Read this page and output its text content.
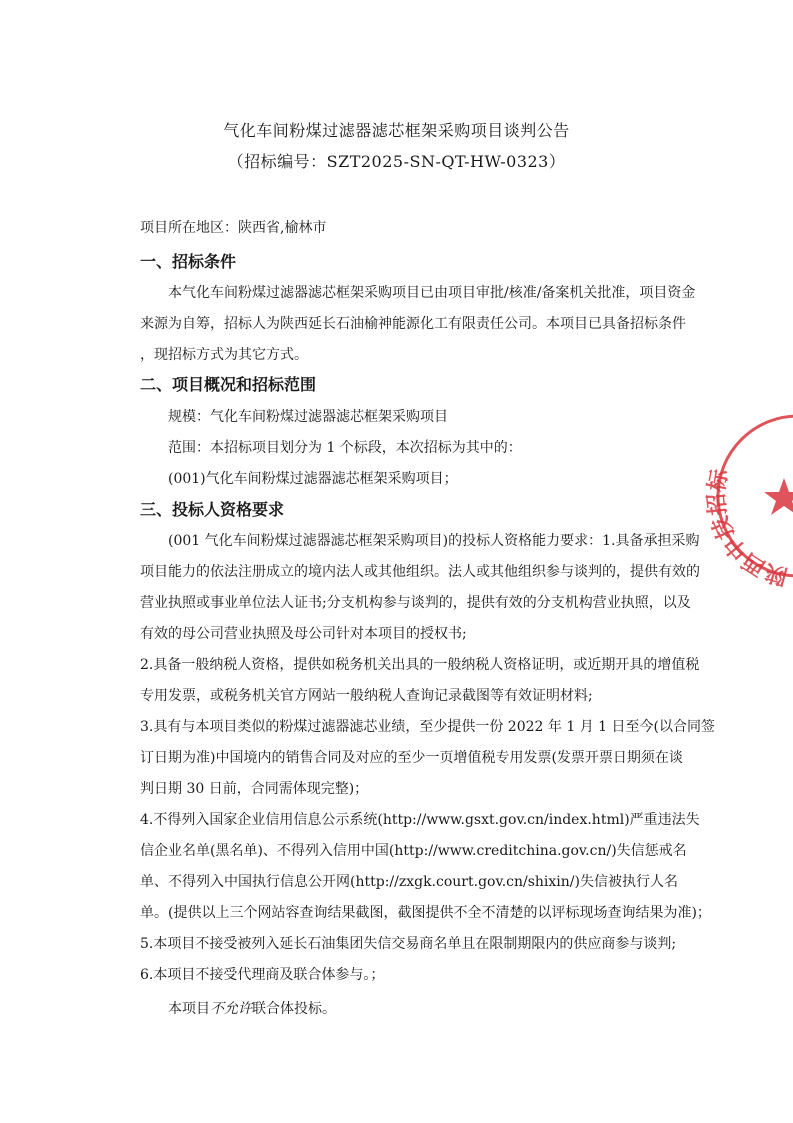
气化车间粉煤过滤器滤芯框架采购项目谈判公告
（招标编号：SZT2025-SN-QT-HW-0323）
项目所在地区：陕西省,榆林市
一、招标条件
本气化车间粉煤过滤器滤芯框架采购项目已由项目审批/核准/备案机关批准，项目资金
来源为自筹，招标人为陕西延长石油榆神能源化工有限责任公司。本项目已具备招标条件
，现招标方式为其它方式。
二、项目概况和招标范围
规模：气化车间粉煤过滤器滤芯框架采购项目
范围：本招标项目划分为 1 个标段，本次招标为其中的：
(001)气化车间粉煤过滤器滤芯框架采购项目；
三、投标人资格要求
(001 气化车间粉煤过滤器滤芯框架采购项目)的投标人资格能力要求：1.具备承担采购
项目能力的依法注册成立的境内法人或其他组织。法人或其他组织参与谈判的，提供有效的
营业执照或事业单位法人证书;分支机构参与谈判的，提供有效的分支机构营业执照，以及
有效的母公司营业执照及母公司针对本项目的授权书;
2.具备一般纳税人资格，提供如税务机关出具的一般纳税人资格证明，或近期开具的增值税
专用发票，或税务机关官方网站一般纳税人查询记录截图等有效证明材料;
3.具有与本项目类似的粉煤过滤器滤芯业绩，至少提供一份 2022 年 1 月 1 日至今(以合同签
订日期为准)中国境内的销售合同及对应的至少一页增值税专用发票(发票开票日期须在谈
判日期 30 日前，合同需体现完整)；
4.不得列入国家企业信用信息公示系统(http://www.gsxt.gov.cn/index.html)严重违法失
信企业名单(黑名单)、不得列入信用中国(http://www.creditchina.gov.cn/)失信惩戒名
单、不得列入中国执行信息公开网(http://zxgk.court.gov.cn/shixin/)失信被执行人名
单。(提供以上三个网站容查询结果截图，截图提供不全不清楚的以评标现场查询结果为准)；
5.本项目不接受被列入延长石油集团失信交易商名单且在限制期限内的供应商参与谈判;
6.本项目不接受代理商及联合体参与。；
本项目不允许联合体投标。
陕西中技招标
